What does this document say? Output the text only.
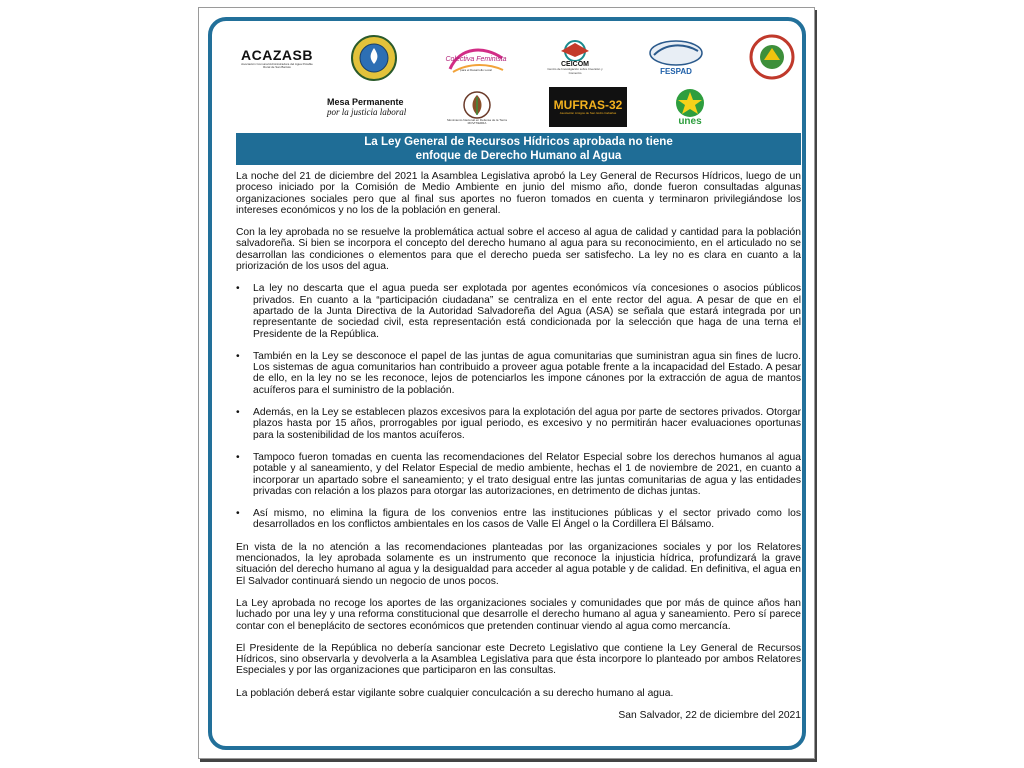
ACAZASB
Asociación Comunal Administradora del Agua Potable Rural de San Bartolo
Colectiva Feminista
para el Desarrollo Local
CEICOM
Centro de Investigación sobre Inversión y Comercio	FESPAD
Mesa Permanente
por la justicia laboral
Movimiento Nacional en Defensa de la Tierra
MOVITIERRA
MUFRAS-32
Asociación Amigos de San Isidro Cabañas
unes
La Ley General de Recursos Hídricos aprobada no tiene
enfoque de Derecho Humano al Agua

La noche del 21 de diciembre del 2021 la Asamblea Legislativa aprobó la Ley General de Recursos Hídricos, luego de un proceso iniciado por la Comisión de Medio Ambiente en junio del mismo año, donde fueron consultadas algunas organizaciones sociales pero que al final sus aportes no fueron tomados en cuenta y terminaron privilegiándose los intereses económicos y no los de la población en general.

Con la ley aprobada no se resuelve la problemática actual sobre el acceso al agua de calidad y cantidad para la población salvadoreña. Si bien se incorpora el concepto del derecho humano al agua para su reconocimiento, en el articulado no se desarrollan las condiciones o elementos para que el derecho pueda ser satisfecho. La ley no es clara en cuanto a la priorización de los usos del agua.

• La ley no descarta que el agua pueda ser explotada por agentes económicos vía concesiones o asocios públicos privados. En cuanto a la “participación ciudadana” se centraliza en el ente rector del agua. A pesar de que en el apartado de la Junta Directiva de la Autoridad Salvadoreña del Agua (ASA) se señala que estará integrada por un representante de sociedad civil, esta representación está condicionada por la selección que haga de una terna el Presidente de la República.
• También en la Ley se desconoce el papel de las juntas de agua comunitarias que suministran agua sin fines de lucro. Los sistemas de agua comunitarios han contribuido a proveer agua potable frente a la incapacidad del Estado. A pesar de ello, en la ley no se les reconoce, lejos de potenciarlos les impone cánones por la extracción de agua de mantos acuíferos para el suministro de la población.
• Además, en la Ley se establecen plazos excesivos para la explotación del agua por parte de sectores privados. Otorgar plazos hasta por 15 años, prorrogables por igual periodo, es excesivo y no permitirán hacer evaluaciones oportunas para la sostenibilidad de los mantos acuíferos.
• Tampoco fueron tomadas en cuenta las recomendaciones del Relator Especial sobre los derechos humanos al agua potable y al saneamiento, y del Relator Especial de medio ambiente, hechas el 1 de noviembre de 2021, en cuanto a incorporar un apartado sobre el saneamiento; y el trato desigual entre las juntas comunitarias de agua y las entidades privadas con relación a los plazos para otorgar las autorizaciones, en detrimento de dichas juntas.
• Así mismo, no elimina la figura de los convenios entre las instituciones públicas y el sector privado como los desarrollados en los conflictos ambientales en los casos de Valle El Ángel o la Cordillera El Bálsamo.

En vista de la no atención a las recomendaciones planteadas por las organizaciones sociales y por los Relatores mencionados, la ley aprobada solamente es un instrumento que reconoce la injusticia hídrica, profundizará la grave situación del derecho humano al agua y la desigualdad para acceder al agua potable y de calidad. En definitiva, el agua en El Salvador continuará siendo un negocio de unos pocos.

La Ley aprobada no recoge los aportes de las organizaciones sociales y comunidades que por más de quince años han luchado por una ley y una reforma constitucional que desarrolle el derecho humano al agua y saneamiento. Pero sí parece contar con el beneplácito de sectores económicos que pretenden continuar viendo al agua como mercancía.

El Presidente de la República no debería sancionar este Decreto Legislativo que contiene la Ley General de Recursos Hídricos, sino observarla y devolverla a la Asamblea Legislativa para que ésta incorpore lo planteado por ambos Relatores Especiales y por las organizaciones que participaron en las consultas.

La población deberá estar vigilante sobre cualquier conculcación a su derecho humano al agua.

San Salvador, 22 de diciembre del 2021
